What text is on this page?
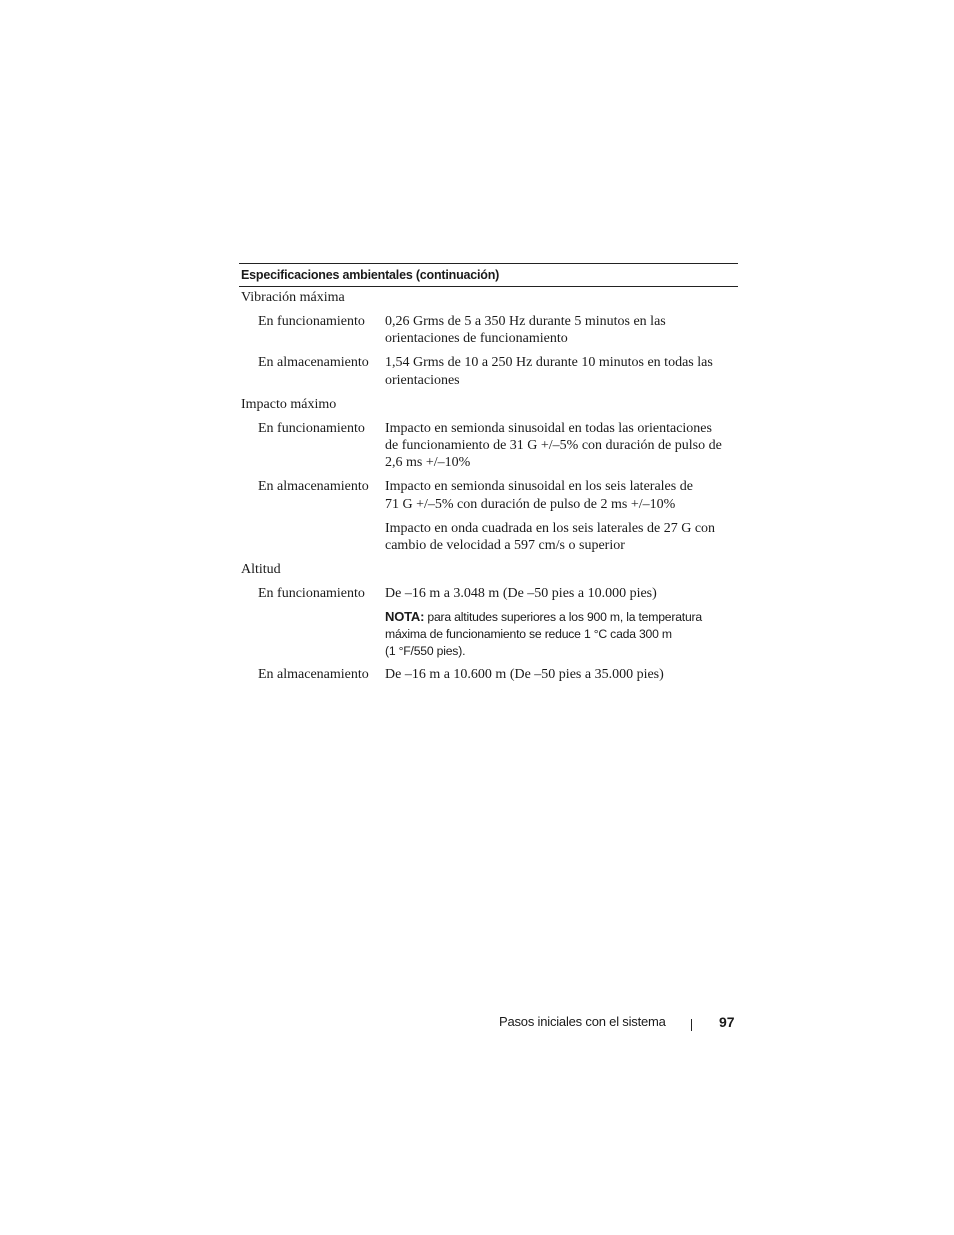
Especificaciones ambientales (continuación)
Vibración máxima
En funcionamiento	0,26 Grms de 5 a 350 Hz durante 5 minutos en las
orientaciones de funcionamiento
En almacenamiento	1,54 Grms de 10 a 250 Hz durante 10 minutos en todas las
orientaciones
Impacto máximo
En funcionamiento	Impacto en semionda sinusoidal en todas las orientaciones
de funcionamiento de 31 G +/–5% con duración de pulso de
2,6 ms +/–10%
En almacenamiento	Impacto en semionda sinusoidal en los seis laterales de
71 G +/–5% con duración de pulso de 2 ms +/–10%
Impacto en onda cuadrada en los seis laterales de 27 G con
cambio de velocidad a 597 cm/s o superior
Altitud
En funcionamiento	De –16 m a 3.048 m (De –50 pies a 10.000 pies)
NOTA: para altitudes superiores a los 900 m, la temperatura
máxima de funcionamiento se reduce 1 °C cada 300 m
(1 °F/550 pies).
En almacenamiento	De –16 m a 10.600 m (De –50 pies a 35.000 pies)
Pasos iniciales con el sistema	97
